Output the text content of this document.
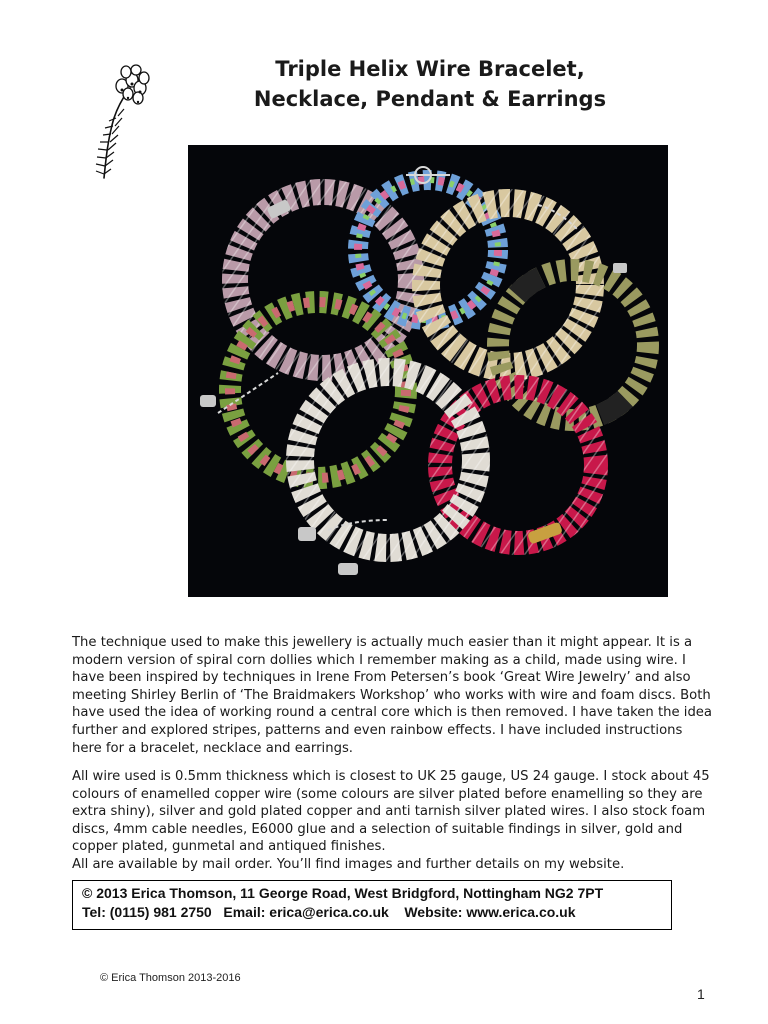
Triple Helix Wire Bracelet,
Necklace, Pendant & Earrings

The technique used to make this jewellery is actually much easier than it might appear. It is a modern version of spiral corn dollies which I remember making as a child, made using wire. I have been inspired by techniques in Irene From Petersen’s book ‘Great Wire Jewelry’ and also meeting Shirley Berlin of ‘The Braidmakers Workshop’ who works with wire and foam discs. Both have used the idea of working round a central core which is then removed. I have taken the idea further and explored stripes, patterns and even rainbow effects. I have included instructions here for a bracelet, necklace and earrings.

All wire used is 0.5mm thickness which is closest to UK 25 gauge, US 24 gauge. I stock about 45 colours of enamelled copper wire (some colours are silver plated before enamelling so they are extra shiny), silver and gold plated copper and anti tarnish silver plated wires. I also stock foam discs, 4mm cable needles, E6000 glue and a selection of suitable findings in silver, gold and copper plated, gunmetal and antiqued finishes.
All are available by mail order. You’ll find images and further details on my website.
© 2013 Erica Thomson, 11 George Road, West Bridgford, Nottingham NG2 7PT
Tel: (0115) 981 2750   Email: erica@erica.co.uk    Website: www.erica.co.uk
© Erica Thomson 2013-2016
1
